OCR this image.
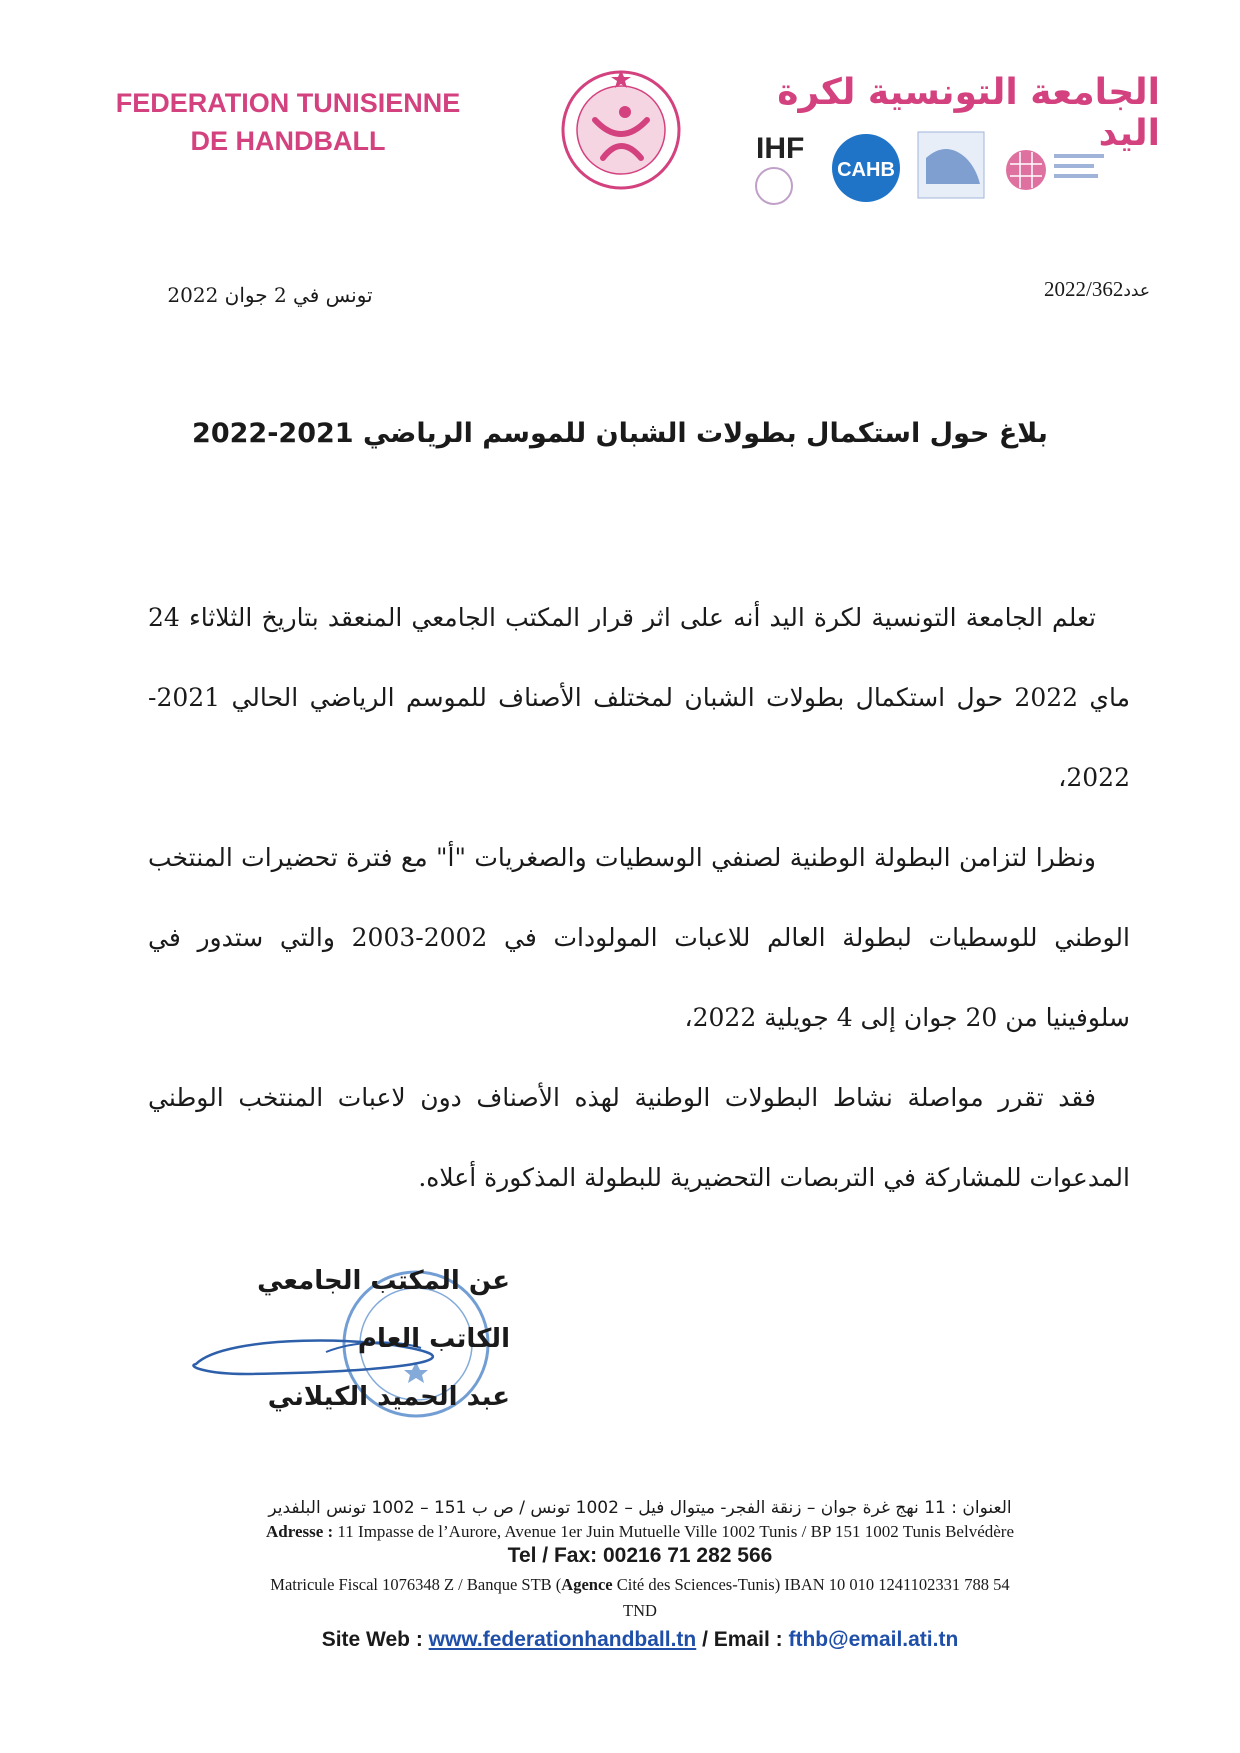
FEDERATION TUNISIENNE
DE HANDBALL
الجامعة التونسية لكرة اليد
IHF
CAHB
2022/362عدد
تونس في 2 جوان 2022
بلاغ حول استكمال بطولات الشبان للموسم الرياضي 2021-2022

تعلم الجامعة التونسية لكرة اليد أنه على اثر قرار المكتب الجامعي المنعقد بتاريخ الثلاثاء 24 ماي 2022 حول استكمال بطولات الشبان لمختلف الأصناف للموسم الرياضي الحالي 2021-2022،

ونظرا لتزامن البطولة الوطنية لصنفي الوسطيات والصغريات "أ" مع فترة تحضيرات المنتخب الوطني للوسطيات لبطولة العالم للاعبات المولودات في 2002-2003 والتي ستدور في سلوفينيا من 20 جوان إلى 4 جويلية 2022،

فقد تقرر مواصلة نشاط البطولات الوطنية لهذه الأصناف دون لاعبات المنتخب الوطني المدعوات للمشاركة في التربصات التحضيرية للبطولة المذكورة أعلاه.

عن المكتب الجامعي
الكاتب العام
عبد الحميد الكيلاني
العنوان : 11 نهج غرة جوان – زنقة الفجر- ميتوال فيل – 1002 تونس / ص ب 151 – 1002 تونس البلفدير
Adresse : 11 Impasse de l’Aurore, Avenue 1er Juin Mutuelle Ville 1002 Tunis / BP 151 1002 Tunis Belvédère
Tel / Fax: 00216 71 282 566
Matricule Fiscal 1076348 Z / Banque STB (Agence Cité des Sciences-Tunis) IBAN 10 010 1241102331 788 54
TND
Site Web : www.federationhandball.tn / Email : fthb@email.ati.tn
